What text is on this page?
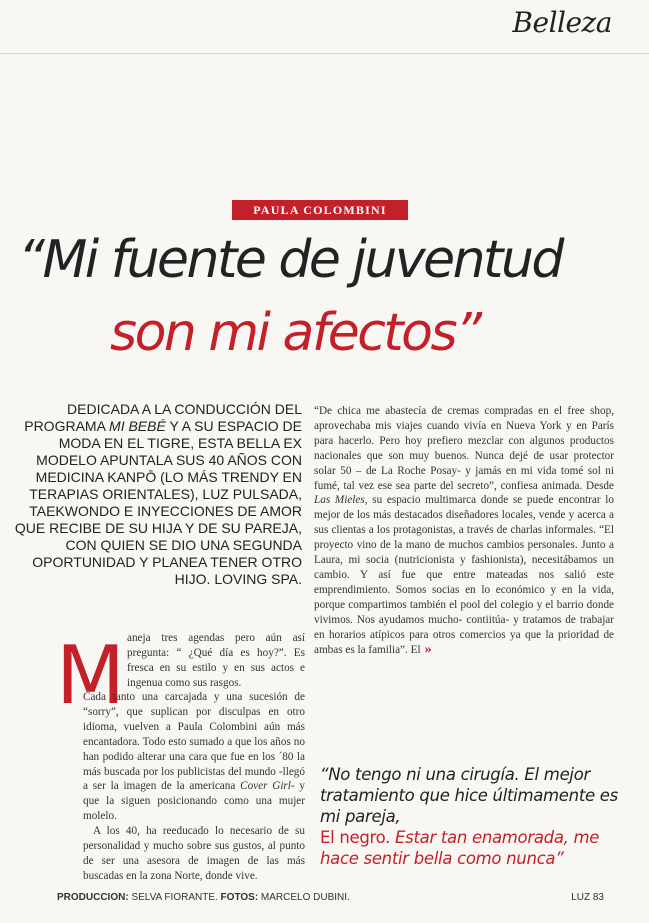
Belleza
PAULA COLOMBINI
“Mi fuente de juventud
son mi afectos”
DEDICADA A LA CONDUCCIÓN DEL PROGRAMA MI BEBÉ Y A SU ESPACIO DE MODA EN EL TIGRE, ESTA BELLA EX MODELO APUNTALA SUS 40 AÑOS CON MEDICINA KANPŌ (LO MÁS TRENDY EN TERAPIAS ORIENTALES), LUZ PULSADA, TAEKWONDO E INYECCIONES DE AMOR QUE RECIBE DE SU HIJA Y DE SU PAREJA, CON QUIEN SE DIO UNA SEGUNDA OPORTUNIDAD Y PLANEA TENER OTRO HIJO. LOVING SPA.

“De chica me abastecía de cremas compradas en el free shop, aprovechaba mis viajes cuando vivía en Nueva York y en París para hacerlo. Pero hoy prefiero mezclar con algunos productos nacionales que son muy buenos. Nunca dejé de usar protector solar 50 – de La Roche Posay- y jamás en mi vida tomé sol ni fumé, tal vez ese sea parte del secreto”, confiesa animada. Desde Las Mieles, su espacio multimarca donde se puede encontrar lo mejor de los más destacados diseñadores locales, vende y acerca a sus clientas a los protagonistas, a través de charlas informales. “El proyecto vino de la mano de muchos cambios personales. Junto a Laura, mi socia (nutricionista y fashionista), necesitábamos un cambio. Y así fue que entre mateadas nos salió este emprendimiento. Somos socias en lo económico y en la vida, porque compartimos también el pool del colegio y el barrio donde vivimos. Nos ayudamos mucho- contiitúa- y tratamos de trabajar en horarios atípicos para otros comercios ya que la prioridad de ambas es la familia”. El »

M aneja tres agendas pero aún así pregunta: “ ¿Qué día es hoy?”. Es fresca en su estilo y en sus actos e ingenua como sus rasgos.

Cada tanto una carcajada y una sucesión de “sorry”, que suplican por disculpas en otro idioma, vuelven a Paula Colombini aún más encantadora. Todo esto sumado a que los años no han podido alterar una cara que fue en los ´80 la más buscada por los publicistas del mundo -llegó a ser la imagen de la americana Cover Girl- y que la siguen posicionando como una mujer molelo.

A los 40, ha reeducado lo necesario de su personalidad y mucho sobre sus gustos, al punto de ser una asesora de imagen de las más buscadas en la zona Norte, donde vive.

“No tengo ni una cirugía. El mejor tratamiento que hice últimamente es mi pareja,
El negro. Estar tan enamorada, me hace sentir bella como nunca”
PRODUCCION: SELVA FIORANTE. FOTOS: MARCELO DUBINI.	LUZ 83
